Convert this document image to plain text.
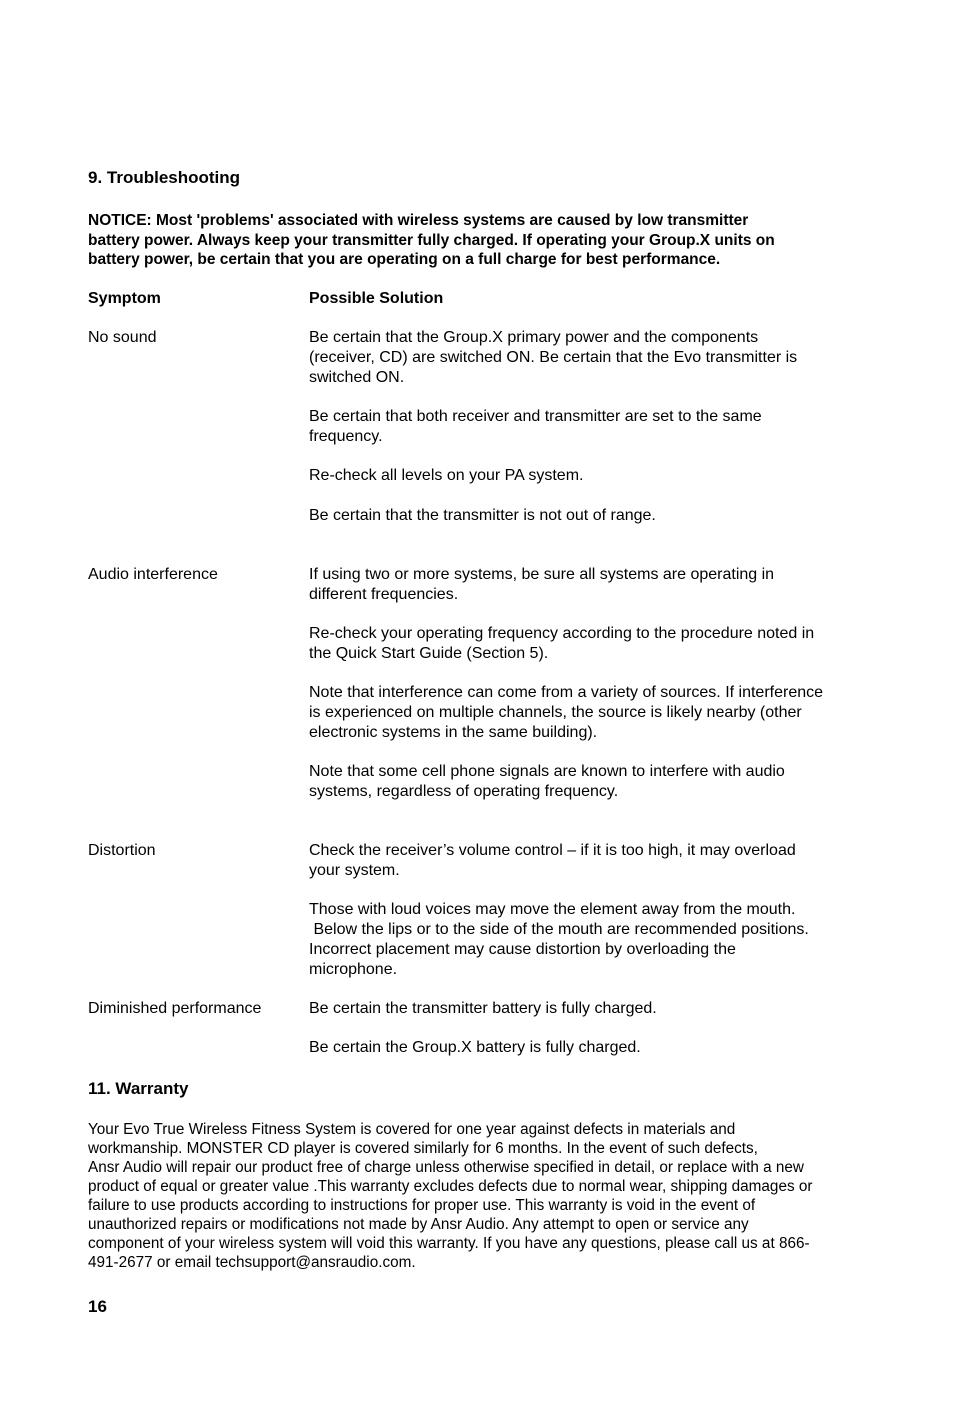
9. Troubleshooting
NOTICE: Most 'problems' associated with wireless systems are caused by low transmitter
battery power. Always keep your transmitter fully charged. If operating your Group.X units on
battery power, be certain that you are operating on a full charge for best performance.
Symptom	Possible Solution
No sound
Audio interference
Distortion
Diminished performance
Be certain that the Group.X primary power and the components
(receiver, CD) are switched ON. Be certain that the Evo transmitter is
switched ON.
Be certain that both receiver and transmitter are set to the same
frequency.
Re-check all levels on your PA system.
Be certain that the transmitter is not out of range.
If using two or more systems, be sure all systems are operating in
different frequencies.
Re-check your operating frequency according to the procedure noted in
the Quick Start Guide (Section 5).
Note that interference can come from a variety of sources. If interference
is experienced on multiple channels, the source is likely nearby (other
electronic systems in the same building).
Note that some cell phone signals are known to interfere with audio
systems, regardless of operating frequency.
Check the receiver’s volume control – if it is too high, it may overload
your system.
Those with loud voices may move the element away from the mouth.
Below the lips or to the side of the mouth are recommended positions.
Incorrect placement may cause distortion by overloading the
microphone.
Be certain the transmitter battery is fully charged.
Be certain the Group.X battery is fully charged.
11. Warranty
Your Evo True Wireless Fitness System is covered for one year against defects in materials and
workmanship. MONSTER CD player is covered similarly for 6 months. In the event of such defects,
Ansr Audio will repair our product free of charge unless otherwise specified in detail, or replace with a new
product of equal or greater value .This warranty excludes defects due to normal wear, shipping damages or
failure to use products according to instructions for proper use. This warranty is void in the event of
unauthorized repairs or modifications not made by Ansr Audio. Any attempt to open or service any
component of your wireless system will void this warranty. If you have any questions, please call us at 866-
491-2677 or email techsupport@ansraudio.com.
16
